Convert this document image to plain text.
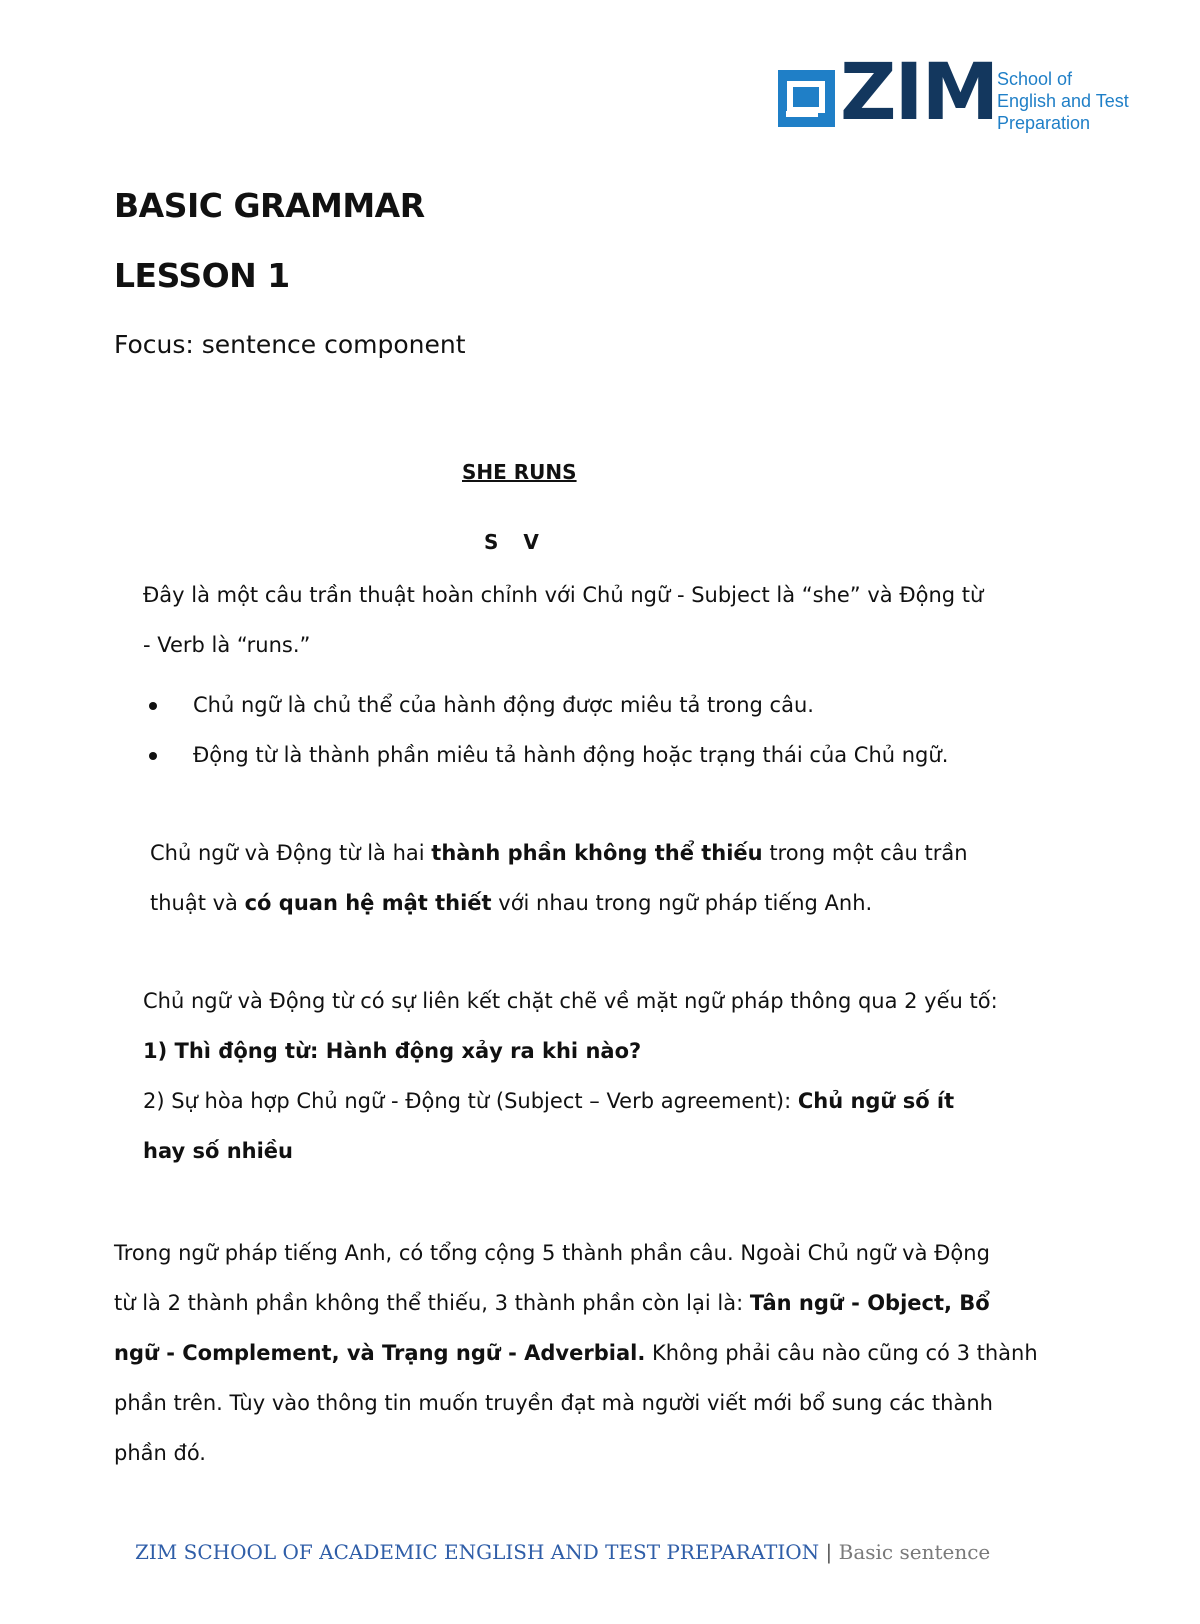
ZIM School of
English and Test
Preparation
BASIC GRAMMAR
LESSON 1
Focus: sentence component
SHE RUNS
S V
Đây là một câu trần thuật hoàn chỉnh với Chủ ngữ - Subject là “she” và Động từ
- Verb là “runs.”
Chủ ngữ là chủ thể của hành động được miêu tả trong câu.
Động từ là thành phần miêu tả hành động hoặc trạng thái của Chủ ngữ.
Chủ ngữ và Động từ là hai thành phần không thể thiếu trong một câu trần
thuật và có quan hệ mật thiết với nhau trong ngữ pháp tiếng Anh.
Chủ ngữ và Động từ có sự liên kết chặt chẽ về mặt ngữ pháp thông qua 2 yếu tố:
1) Thì động từ: Hành động xảy ra khi nào?
2) Sự hòa hợp Chủ ngữ - Động từ (Subject – Verb agreement): Chủ ngữ số ít
hay số nhiều
Trong ngữ pháp tiếng Anh, có tổng cộng 5 thành phần câu. Ngoài Chủ ngữ và Động
từ là 2 thành phần không thể thiếu, 3 thành phần còn lại là: Tân ngữ - Object, Bổ
ngữ - Complement, và Trạng ngữ - Adverbial. Không phải câu nào cũng có 3 thành
phần trên. Tùy vào thông tin muốn truyền đạt mà người viết mới bổ sung các thành
phần đó.
ZIM SCHOOL OF ACADEMIC ENGLISH AND TEST PREPARATION | Basic sentence
